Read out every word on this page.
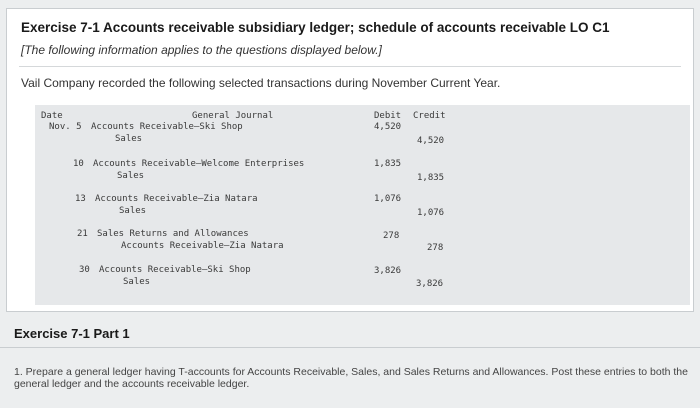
Exercise 7-1 Accounts receivable subsidiary ledger; schedule of accounts receivable LO C1
[The following information applies to the questions displayed below.]
Vail Company recorded the following selected transactions during November Current Year.
Date	General Journal	Debit Credit
Nov. 5 Accounts Receivable—Ski Shop
Sales
4,520
4,520
10 Accounts Receivable—Welcome Enterprises
Sales
1,835
1,835
13 Accounts Receivable—Zia Natara
Sales
1,076
1,076
21 Sales Returns and Allowances
Accounts Receivable—Zia Natara
278
278
30 Accounts Receivable—Ski Shop
Sales
3,826
3,826
Exercise 7-1 Part 1
1. Prepare a general ledger having T-accounts for Accounts Receivable, Sales, and Sales Returns and Allowances. Post these entries to both the general ledger and the accounts receivable ledger.
